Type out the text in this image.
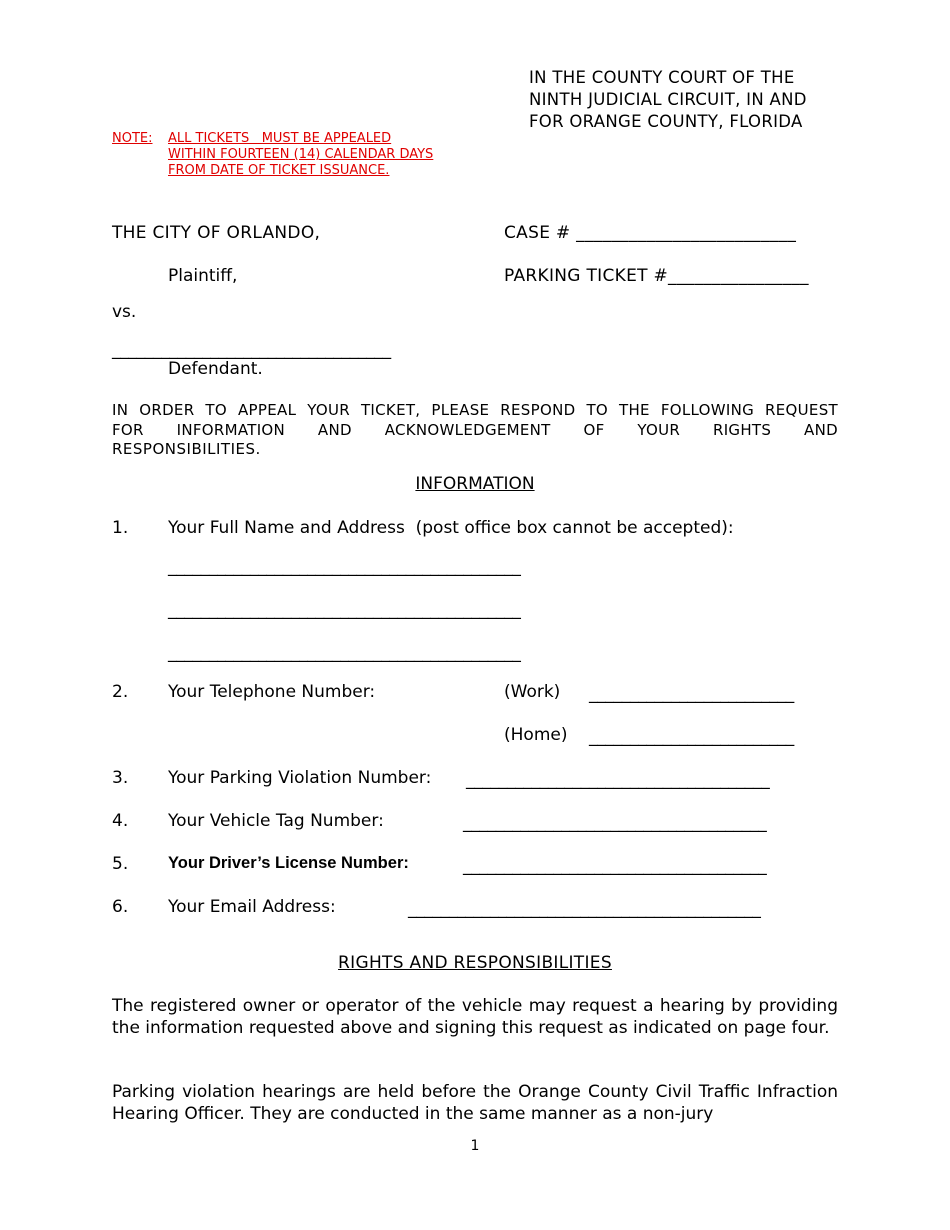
IN THE COUNTY COURT OF THE
NINTH JUDICIAL CIRCUIT, IN AND
FOR ORANGE COUNTY, FLORIDA
NOTE: ALL TICKETS   MUST BE APPEALED
WITHIN FOURTEEN (14) CALENDAR DAYS
FROM DATE OF TICKET ISSUANCE.
THE CITY OF ORLANDO,	CASE # _________________________
Plaintiff,	PARKING TICKET #________________
vs.
__________________________________
Defendant.
IN ORDER TO APPEAL YOUR TICKET, PLEASE RESPOND TO THE FOLLOWING REQUEST
FOR INFORMATION AND ACKNOWLEDGEMENT OF YOUR RIGHTS AND
RESPONSIBILITIES.
INFORMATION
1. Your Full Name and Address  (post office box cannot be accepted):
___________________________________________
___________________________________________
___________________________________________
2. Your Telephone Number:	(Work) _________________________
(Home) _________________________
3. Your Parking Violation Number: _____________________________________
4. Your Vehicle Tag Number:	_____________________________________
5. Your Driver’s License Number:	_____________________________________
6. Your Email Address:	___________________________________________
RIGHTS AND RESPONSIBILITIES
The registered owner or operator of the vehicle may request a hearing by providing the information requested above and signing this request as indicated on page four.
Parking violation hearings are held before the Orange County Civil Traffic Infraction Hearing Officer. They are conducted in the same manner as a non-jury
1
